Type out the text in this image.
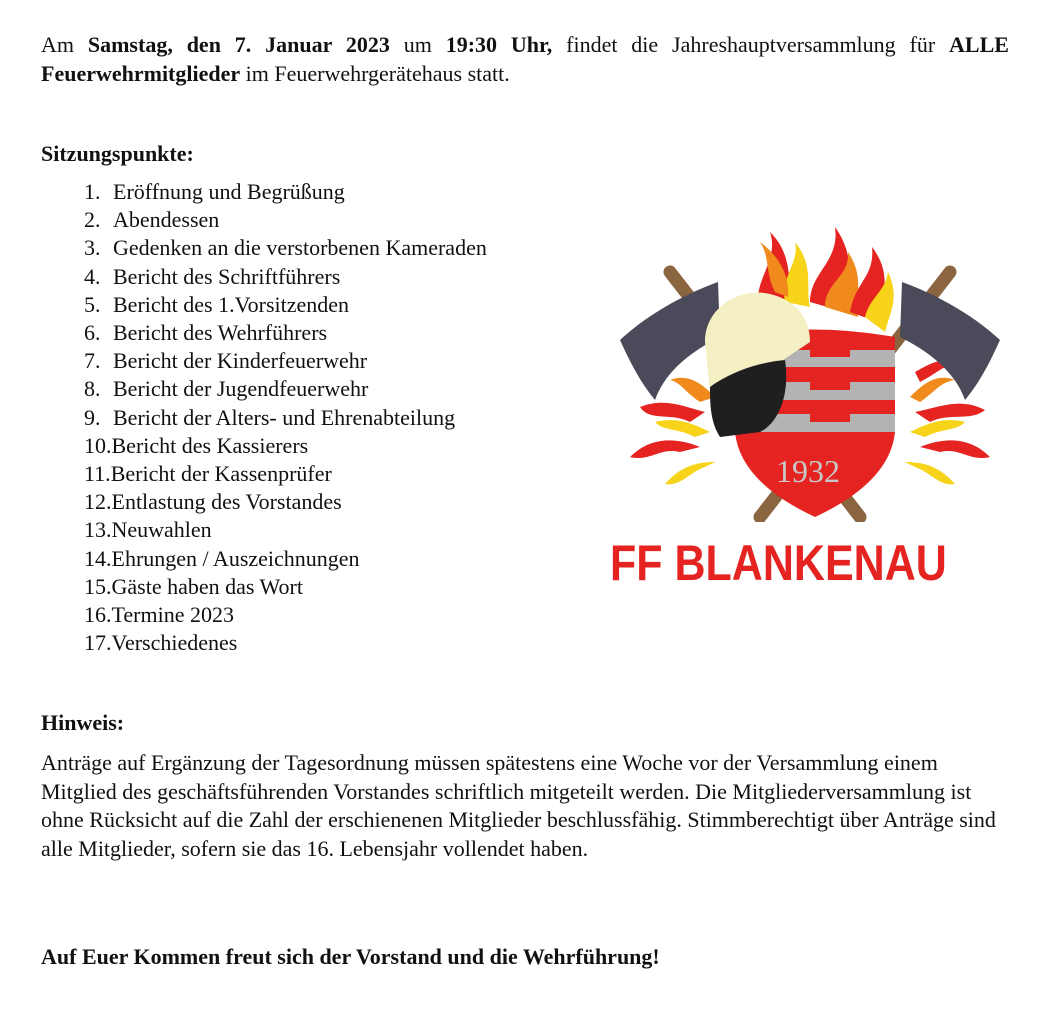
Am Samstag, den 7. Januar 2023 um 19:30 Uhr, findet die Jahreshauptversammlung für ALLE Feuerwehrmitglieder im Feuerwehrgerätehaus statt.
Sitzungspunkte:
1. Eröffnung und Begrüßung
2. Abendessen
3. Gedenken an die verstorbenen Kameraden
4. Bericht des Schriftführers
5. Bericht des 1.Vorsitzenden
6. Bericht des Wehrführers
7. Bericht der Kinderfeuerwehr
8. Bericht der Jugendfeuerwehr
9. Bericht der Alters- und Ehrenabteilung
10.Bericht des Kassierers
11.Bericht der Kassenprüfer
12.Entlastung des Vorstandes
13.Neuwahlen
14.Ehrungen / Auszeichnungen
15.Gäste haben das Wort
16.Termine 2023
17.Verschiedenes
1932
FF BLANKENAU
Hinweis:
Anträge auf Ergänzung der Tagesordnung müssen spätestens eine Woche vor der Versammlung einem Mitglied des geschäftsführenden Vorstandes schriftlich mitgeteilt werden. Die Mitgliederversammlung ist ohne Rücksicht auf die Zahl der erschienenen Mitglieder beschlussfähig. Stimmberechtigt über Anträge sind alle Mitglieder, sofern sie das 16. Lebensjahr vollendet haben.
Auf Euer Kommen freut sich der Vorstand und die Wehrführung!
